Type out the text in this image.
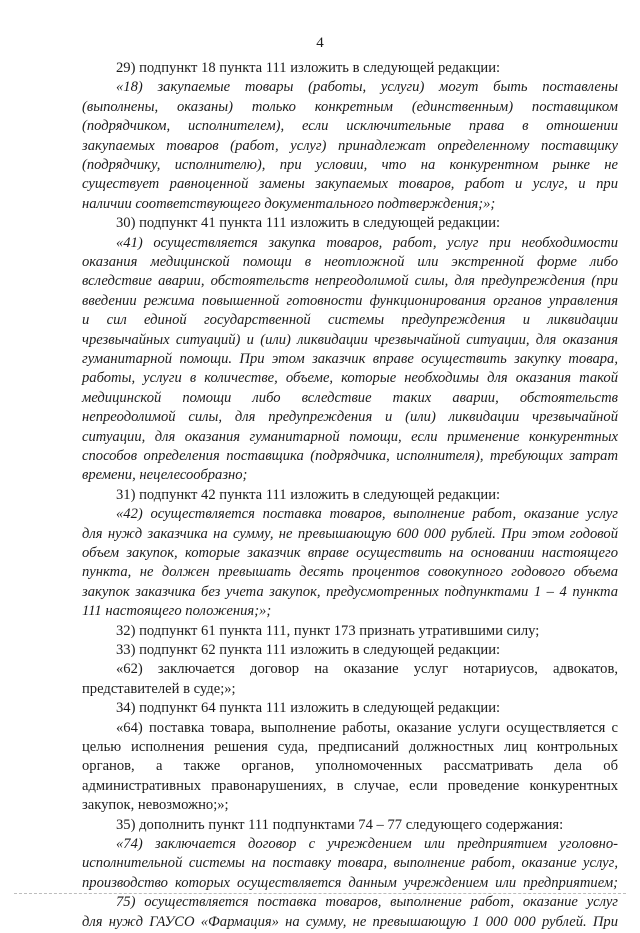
4
29) подпункт 18 пункта 111 изложить в следующей редакции:
«18) закупаемые товары (работы, услуги) могут быть поставлены
(выполнены, оказаны) только конкретным (единственным) поставщиком
(подрядчиком, исполнителем), если исключительные права в отношении
закупаемых товаров (работ, услуг) принадлежат определенному поставщику
(подрядчику, исполнителю), при условии, что на конкурентном рынке не
существует равноценной замены закупаемых товаров, работ и услуг, и при
наличии соответствующего документального подтверждения;»;
30) подпункт 41 пункта 111 изложить в следующей редакции:
«41) осуществляется закупка товаров, работ, услуг при необходимости
оказания медицинской помощи в неотложной или экстренной форме либо
вследствие аварии, обстоятельств непреодолимой силы, для предупреждения (при
введении режима повышенной готовности функционирования органов управления
и сил единой государственной системы предупреждения и ликвидации
чрезвычайных ситуаций) и (или) ликвидации чрезвычайной ситуации, для оказания
гуманитарной помощи. При этом заказчик вправе осуществить закупку товара,
работы, услуги в количестве, объеме, которые необходимы для оказания такой
медицинской помощи либо вследствие таких аварии, обстоятельств
непреодолимой силы, для предупреждения и (или) ликвидации чрезвычайной
ситуации, для оказания гуманитарной помощи, если применение конкурентных
способов определения поставщика (подрядчика, исполнителя), требующих затрат
времени, нецелесообразно;
31) подпункт 42 пункта 111 изложить в следующей редакции:
«42) осуществляется поставка товаров, выполнение работ, оказание услуг
для нужд заказчика на сумму, не превышающую 600 000 рублей. При этом годовой
объем закупок, которые заказчик вправе осуществить на основании настоящего
пункта, не должен превышать десять процентов совокупного годового объема
закупок заказчика без учета закупок, предусмотренных подпунктами 1 – 4 пункта
111 настоящего положения;»;
32) подпункт 61 пункта 111, пункт 173 признать утратившими силу;
33) подпункт 62 пункта 111 изложить в следующей редакции:
«62) заключается договор на оказание услуг нотариусов, адвокатов,
представителей в суде;»;
34) подпункт 64 пункта 111 изложить в следующей редакции:
«64) поставка товара, выполнение работы, оказание услуги осуществляется с
целью исполнения решения суда, предписаний должностных лиц контрольных
органов, а также органов, уполномоченных рассматривать дела об
административных правонарушениях, в случае, если проведение конкурентных
закупок, невозможно;»;
35) дополнить пункт 111 подпунктами 74 – 77 следующего содержания:
«74) заключается договор с учреждением или предприятием уголовно-
исполнительной системы на поставку товара, выполнение работ, оказание услуг,
производство которых осуществляется данным учреждением или предприятием;
75) осуществляется поставка товаров, выполнение работ, оказание услуг
для нужд ГАУСО «Фармация» на сумму, не превышающую 1 000 000 рублей. При
